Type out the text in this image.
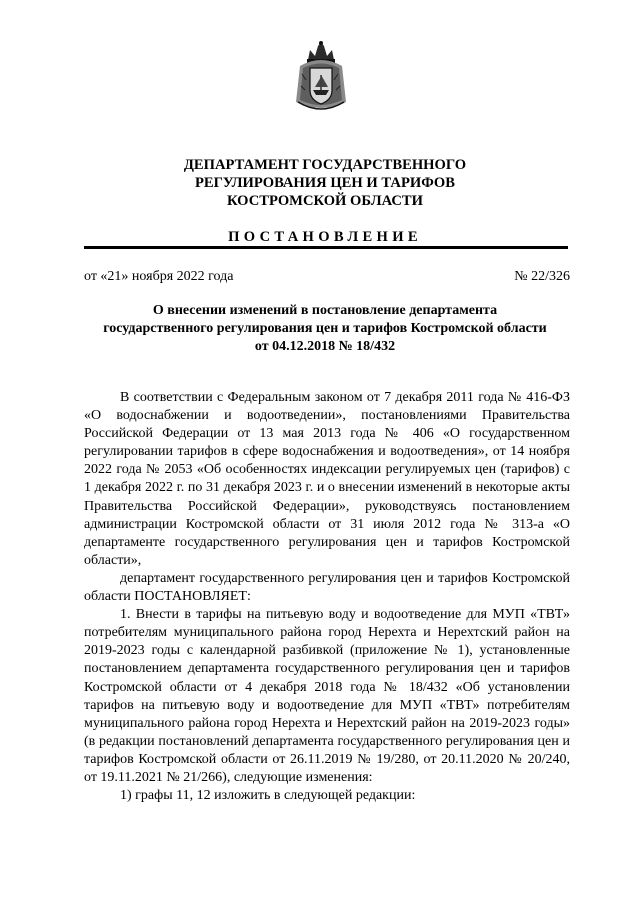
ДЕПАРТАМЕНТ ГОСУДАРСТВЕННОГО
РЕГУЛИРОВАНИЯ ЦЕН И ТАРИФОВ
КОСТРОМСКОЙ ОБЛАСТИ
ПОСТАНОВЛЕНИЕ
от «21» ноября 2022 года	№ 22/326
О внесении изменений в постановление департамента
государственного регулирования цен и тарифов Костромской области
от 04.12.2018 № 18/432

В соответствии с Федеральным законом от 7 декабря 2011 года № 416-ФЗ «О водоснабжении и водоотведении», постановлениями Правительства Российской Федерации от 13 мая 2013 года № 406 «О государственном регулировании тарифов в сфере водоснабжения и водоотведения», от 14 ноября 2022 года № 2053 «Об особенностях индексации регулируемых цен (тарифов) с 1 декабря 2022 г. по 31 декабря 2023 г. и о внесении изменений в некоторые акты Правительства Российской Федерации», руководствуясь постановлением администрации Костромской области от 31 июля 2012 года № 313-а «О департаменте государственного регулирования цен и тарифов Костромской области»,

департамент государственного регулирования цен и тарифов Костромской области ПОСТАНОВЛЯЕТ:

1. Внести в тарифы на питьевую воду и водоотведение для МУП «ТВТ» потребителям муниципального района город Нерехта и Нерехтский район на 2019-2023 годы с календарной разбивкой (приложение № 1), установленные постановлением департамента государственного регулирования цен и тарифов Костромской области от 4 декабря 2018 года № 18/432 «Об установлении тарифов на питьевую воду и водоотведение для МУП «ТВТ» потребителям муниципального района город Нерехта и Нерехтский район на 2019-2023 годы» (в редакции постановлений департамента государственного регулирования цен и тарифов Костромской области от 26.11.2019 № 19/280, от 20.11.2020 № 20/240, от 19.11.2021 № 21/266), следующие изменения:

1) графы 11, 12 изложить в следующей редакции:
